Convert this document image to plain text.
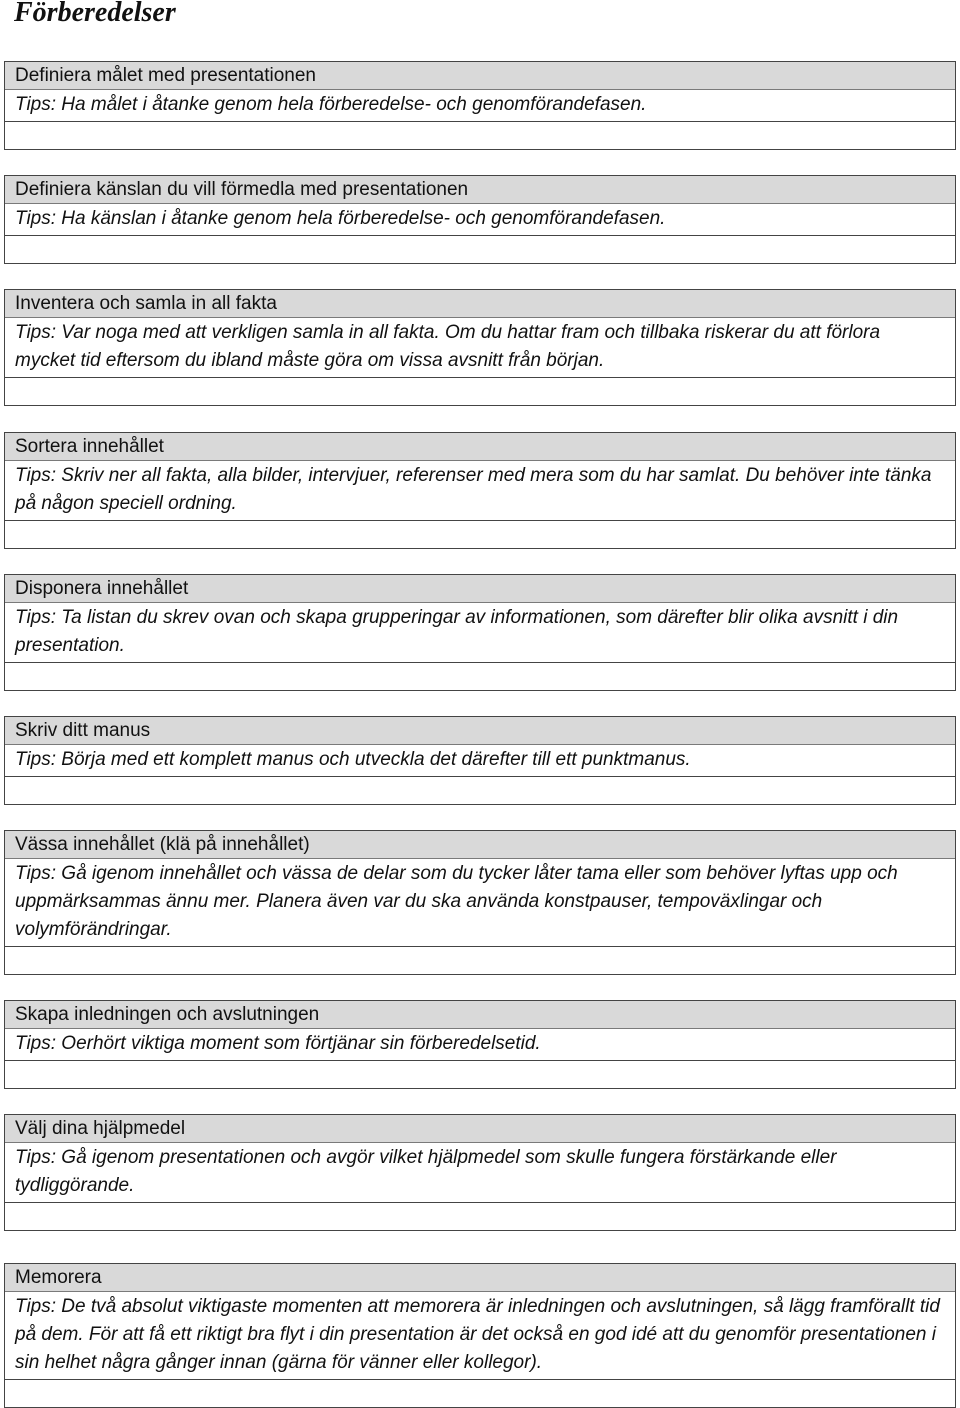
Förberedelser
Definiera målet med presentationen
Tips: Ha målet i åtanke genom hela förberedelse- och genomförandefasen.
Definiera känslan du vill förmedla med presentationen
Tips: Ha känslan i åtanke genom hela förberedelse- och genomförandefasen.
Inventera och samla in all fakta
Tips: Var noga med att verkligen samla in all fakta. Om du hattar fram och tillbaka riskerar du att förlora mycket tid eftersom du ibland måste göra om vissa avsnitt från början.
Sortera innehållet
Tips: Skriv ner all fakta, alla bilder, intervjuer, referenser med mera som du har samlat. Du behöver inte tänka på någon speciell ordning.
Disponera innehållet
Tips: Ta listan du skrev ovan och skapa grupperingar av informationen, som därefter blir olika avsnitt i din presentation.
Skriv ditt manus
Tips: Börja med ett komplett manus och utveckla det därefter till ett punktmanus.
Vässa innehållet (klä på innehållet)
Tips: Gå igenom innehållet och vässa de delar som du tycker låter tama eller som behöver lyftas upp och uppmärksammas ännu mer. Planera även var du ska använda konstpauser, tempoväxlingar och volymförändringar.
Skapa inledningen och avslutningen
Tips: Oerhört viktiga moment som förtjänar sin förberedelsetid.
Välj dina hjälpmedel
Tips: Gå igenom presentationen och avgör vilket hjälpmedel som skulle fungera förstärkande eller tydliggörande.
Memorera
Tips: De två absolut viktigaste momenten att memorera är inledningen och avslutningen, så lägg framförallt tid på dem. För att få ett riktigt bra flyt i din presentation är det också en god idé att du genomför presentationen i sin helhet några gånger innan (gärna för vänner eller kollegor).
